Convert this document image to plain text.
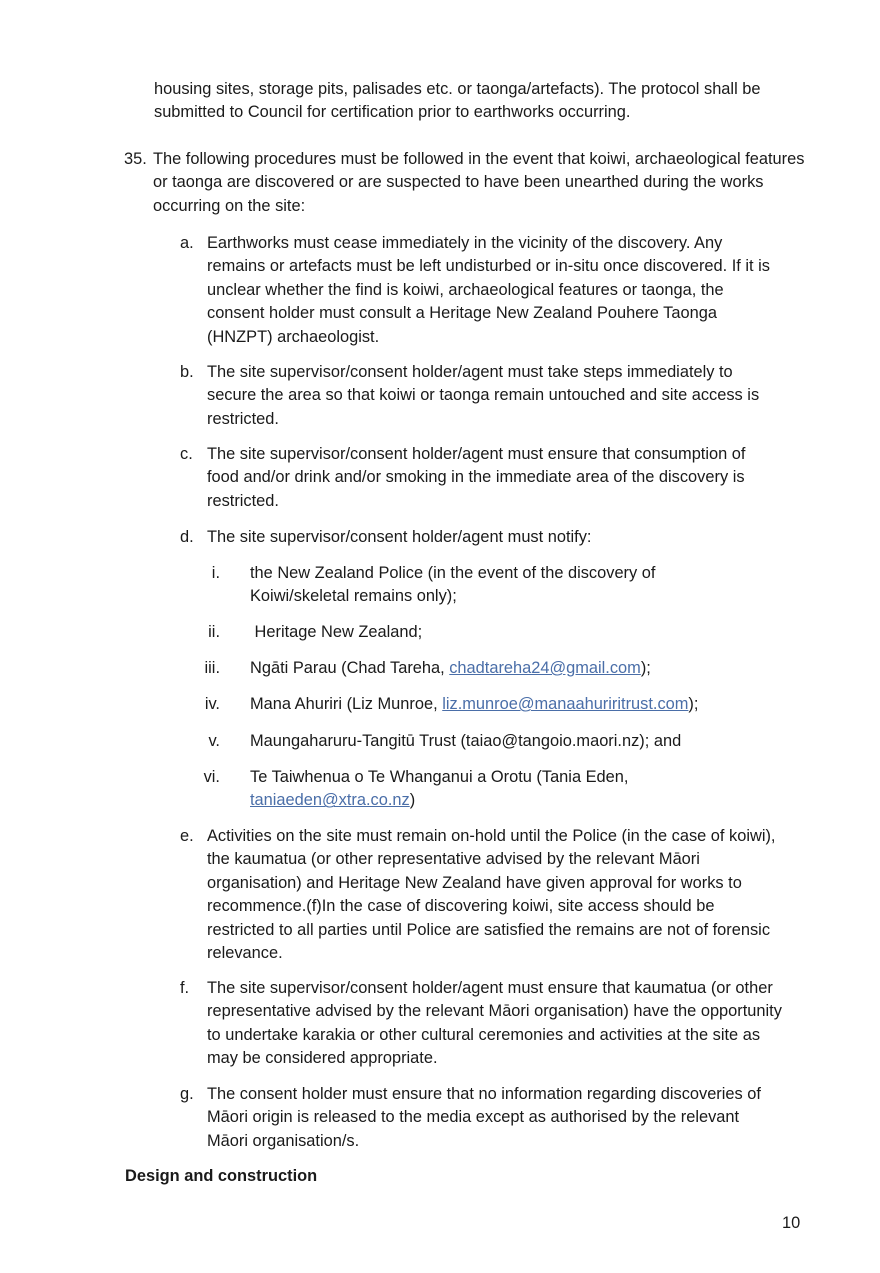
housing sites, storage pits, palisades etc. or taonga/artefacts). The protocol shall be submitted to Council for certification prior to earthworks occurring.
35. The following procedures must be followed in the event that koiwi, archaeological features or taonga are discovered or are suspected to have been unearthed during the works occurring on the site:
a. Earthworks must cease immediately in the vicinity of the discovery. Any remains or artefacts must be left undisturbed or in-situ once discovered. If it is unclear whether the find is koiwi, archaeological features or taonga, the consent holder must consult a Heritage New Zealand Pouhere Taonga (HNZPT) archaeologist.
b. The site supervisor/consent holder/agent must take steps immediately to secure the area so that koiwi or taonga remain untouched and site access is restricted.
c. The site supervisor/consent holder/agent must ensure that consumption of food and/or drink and/or smoking in the immediate area of the discovery is restricted.
d. The site supervisor/consent holder/agent must notify:
i. the New Zealand Police (in the event of the discovery of Koiwi/skeletal remains only);
ii. Heritage New Zealand;
iii. Ngāti Parau (Chad Tareha, chadtareha24@gmail.com);
iv. Mana Ahuriri (Liz Munroe, liz.munroe@manaahuriritrust.com);
v. Maungaharuru-Tangitū Trust (taiao@tangoio.maori.nz); and
vi. Te Taiwhenua o Te Whanganui a Orotu (Tania Eden,
taniaeden@xtra.co.nz)
e. Activities on the site must remain on-hold until the Police (in the case of koiwi), the kaumatua (or other representative advised by the relevant Māori organisation) and Heritage New Zealand have given approval for works to recommence.(f)In the case of discovering koiwi, site access should be restricted to all parties until Police are satisfied the remains are not of forensic relevance.
f. The site supervisor/consent holder/agent must ensure that kaumatua (or other representative advised by the relevant Māori organisation) have the opportunity to undertake karakia or other cultural ceremonies and activities at the site as may be considered appropriate.
g. The consent holder must ensure that no information regarding discoveries of Māori origin is released to the media except as authorised by the relevant Māori organisation/s.
Design and construction
10
